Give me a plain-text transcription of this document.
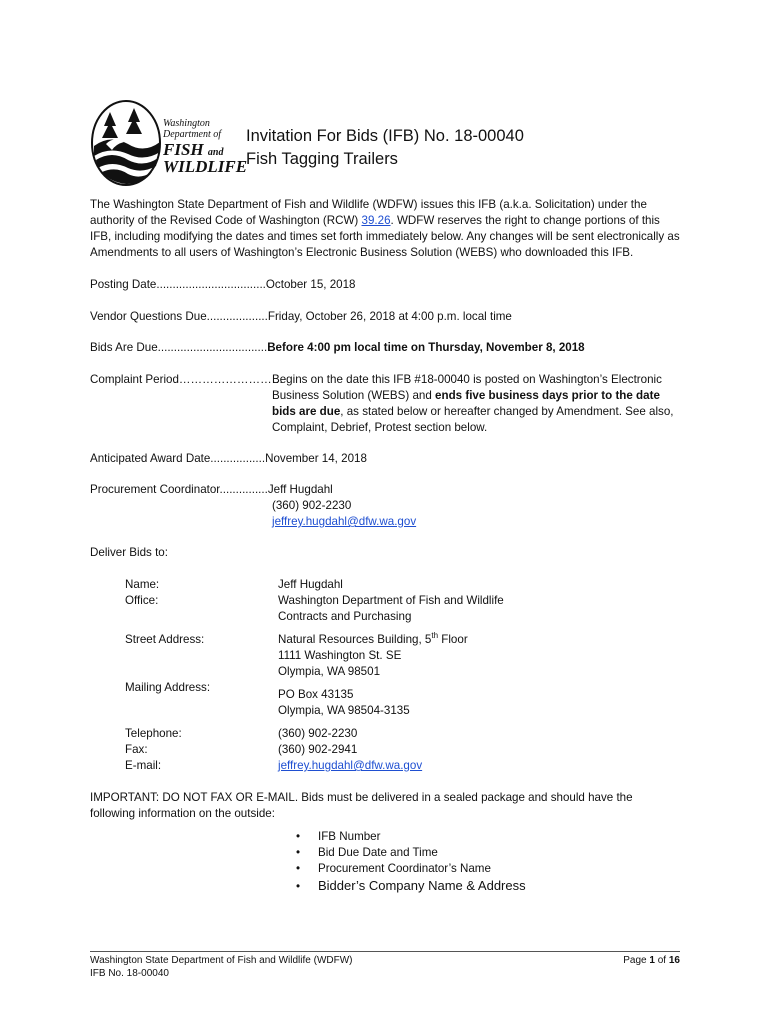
Washington
Department of
FISH and
WILDLIFE
Invitation For Bids (IFB) No. 18-00040
Fish Tagging Trailers
The Washington State Department of Fish and Wildlife (WDFW) issues this IFB (a.k.a. Solicitation) under the authority of the Revised Code of Washington (RCW) 39.26. WDFW reserves the right to change portions of this IFB, including modifying the dates and times set forth immediately below. Any changes will be sent electronically as Amendments to all users of Washington’s Electronic Business Solution (WEBS) who downloaded this IFB.
Posting Date..................................October 15, 2018
Vendor Questions Due...................Friday, October 26, 2018 at 4:00 p.m. local time
Bids Are Due..................................Before 4:00 pm local time on Thursday, November 8, 2018
Complaint Period………………………
Begins on the date this IFB #18-00040 is posted on Washington’s Electronic Business Solution (WEBS) and ends five business days prior to the date bids are due, as stated below or hereafter changed by Amendment. See also, Complaint, Debrief, Protest section below.
Anticipated Award Date.................November 14, 2018
Procurement Coordinator...............Jeff Hugdahl
(360) 902-2230
jeffrey.hugdahl@dfw.wa.gov
Deliver Bids to:
Name:	Jeff Hugdahl
Office:	Washington Department of Fish and Wildlife
Contracts and Purchasing
Street Address:	Natural Resources Building, 5th Floor
1111 Washington St. SE
Olympia, WA 98501
Mailing Address:
PO Box 43135
Olympia, WA 98504-3135
Telephone:	(360) 902-2230
Fax:	(360) 902-2941
E-mail:	jeffrey.hugdahl@dfw.wa.gov
IMPORTANT: DO NOT FAX OR E-MAIL. Bids must be delivered in a sealed package and should have the following information on the outside:
• IFB Number
• Bid Due Date and Time
• Procurement Coordinator’s Name
• Bidder’s Company Name & Address
Washington State Department of Fish and Wildlife (WDFW)
IFB No. 18-00040
Page 1 of 16
